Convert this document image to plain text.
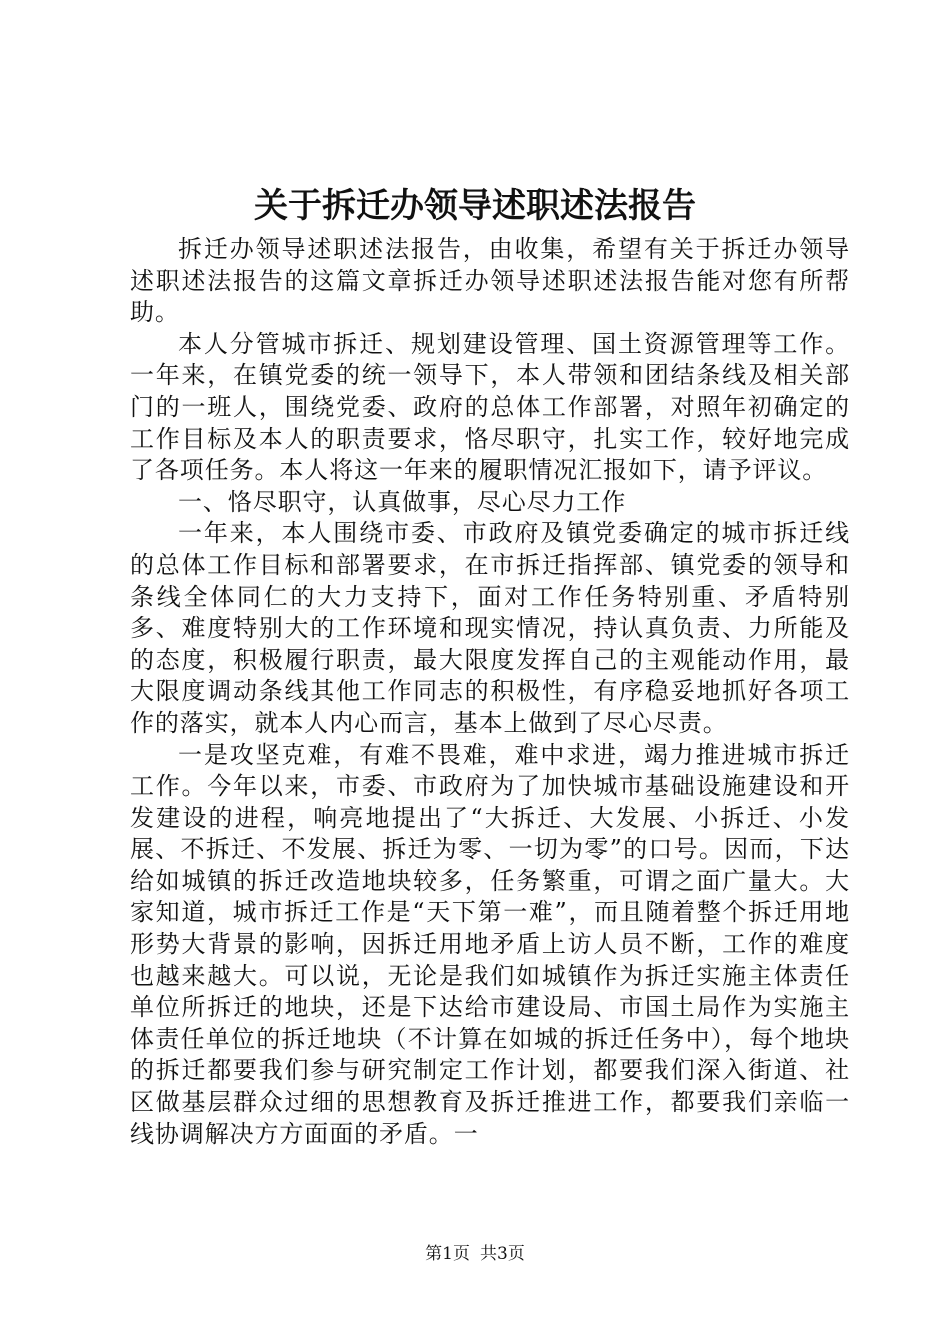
关于拆迁办领导述职述法报告

拆迁办领导述职述法报告，由收集，希望有关于拆迁办领导述职述法报告的这篇文章拆迁办领导述职述法报告能对您有所帮助。

本人分管城市拆迁、规划建设管理、国土资源管理等工作。一年来，在镇党委的统一领导下，本人带领和团结条线及相关部门的一班人，围绕党委、政府的总体工作部署，对照年初确定的工作目标及本人的职责要求，恪尽职守，扎实工作，较好地完成了各项任务。本人将这一年来的履职情况汇报如下，请予评议。

一、恪尽职守，认真做事，尽心尽力工作

一年来，本人围绕市委、市政府及镇党委确定的城市拆迁线的总体工作目标和部署要求，在市拆迁指挥部、镇党委的领导和条线全体同仁的大力支持下，面对工作任务特别重、矛盾特别多、难度特别大的工作环境和现实情况，持认真负责、力所能及的态度，积极履行职责，最大限度发挥自己的主观能动作用，最大限度调动条线其他工作同志的积极性，有序稳妥地抓好各项工作的落实，就本人内心而言，基本上做到了尽心尽责。

一是攻坚克难，有难不畏难，难中求进，竭力推进城市拆迁工作。今年以来，市委、市政府为了加快城市基础设施建设和开发建设的进程，响亮地提出了“大拆迁、大发展、小拆迁、小发展、不拆迁、不发展、拆迁为零、一切为零”的口号。因而，下达给如城镇的拆迁改造地块较多，任务繁重，可谓之面广量大。大家知道，城市拆迁工作是“天下第一难”，而且随着整个拆迁用地形势大背景的影响，因拆迁用地矛盾上访人员不断，工作的难度也越来越大。可以说，无论是我们如城镇作为拆迁实施主体责任单位所拆迁的地块，还是下达给市建设局、市国土局作为实施主体责任单位的拆迁地块（不计算在如城的拆迁任务中），每个地块的拆迁都要我们参与研究制定工作计划，都要我们深入街道、社区做基层群众过细的思想教育及拆迁推进工作，都要我们亲临一线协调解决方方面面的矛盾。一

第1页 共3页
